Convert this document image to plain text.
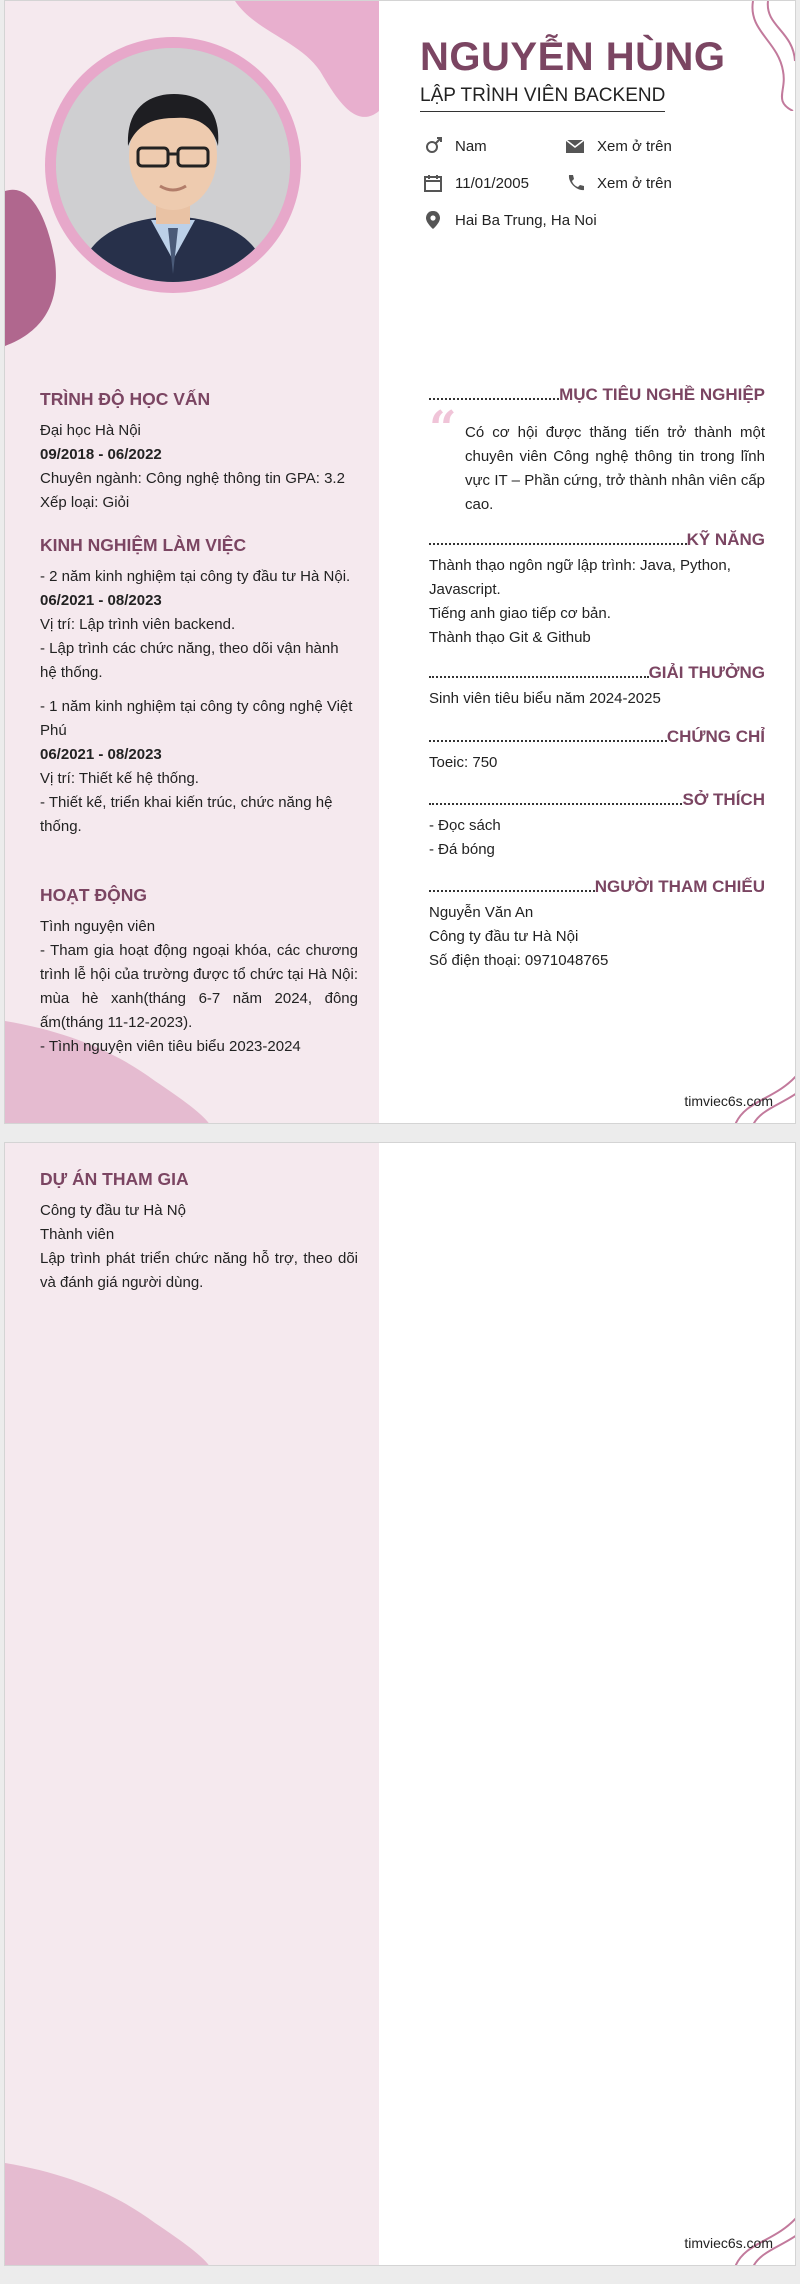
NGUYỄN HÙNG
LẬP TRÌNH VIÊN BACKEND
Nam	Xem ở trên
11/01/2005	Xem ở trên
Hai Ba Trung, Ha Noi
TRÌNH ĐỘ HỌC VẤN
Đại học Hà Nội
09/2018 - 06/2022
Chuyên ngành: Công nghệ thông tin GPA: 3.2
Xếp loại: Giỏi
KINH NGHIỆM LÀM VIỆC
- 2 năm kinh nghiệm tại công ty đầu tư Hà Nội.
06/2021 - 08/2023
Vị trí: Lập trình viên backend.
- Lập trình các chức năng, theo dõi vận hành hệ thống.
- 1 năm kinh nghiệm tại công ty công nghệ Việt Phú
06/2021 - 08/2023
Vị trí: Thiết kế hệ thống.
- Thiết kế, triển khai kiến trúc, chức năng hệ thống.
HOẠT ĐỘNG
Tình nguyện viên
- Tham gia hoạt động ngoại khóa, các chương trình lễ hội của trường được tổ chức tại Hà Nội: mùa hè xanh(tháng 6-7 năm 2024, đông ấm(tháng 11-12-2023).
- Tình nguyện viên tiêu biểu 2023-2024
MỤC TIÊU NGHỀ NGHIỆP
“ Có cơ hội được thăng tiến trở thành một chuyên viên Công nghệ thông tin trong lĩnh vực IT – Phần cứng, trở thành nhân viên cấp cao.
KỸ NĂNG
Thành thạo ngôn ngữ lập trình: Java, Python, Javascript.
Tiếng anh giao tiếp cơ bản.
Thành thạo Git & Github
GIẢI THƯỞNG
Sinh viên tiêu biểu năm 2024-2025
CHỨNG CHỈ
Toeic: 750
SỞ THÍCH
- Đọc sách
- Đá bóng
NGƯỜI THAM CHIẾU
Nguyễn Văn An
Công ty đầu tư Hà Nội
Số điện thoại: 0971048765
timviec6s.com
DỰ ÁN THAM GIA
Công ty đầu tư Hà Nộ
Thành viên
Lập trình phát triển chức năng hỗ trợ, theo dõi và đánh giá người dùng.
timviec6s.com
